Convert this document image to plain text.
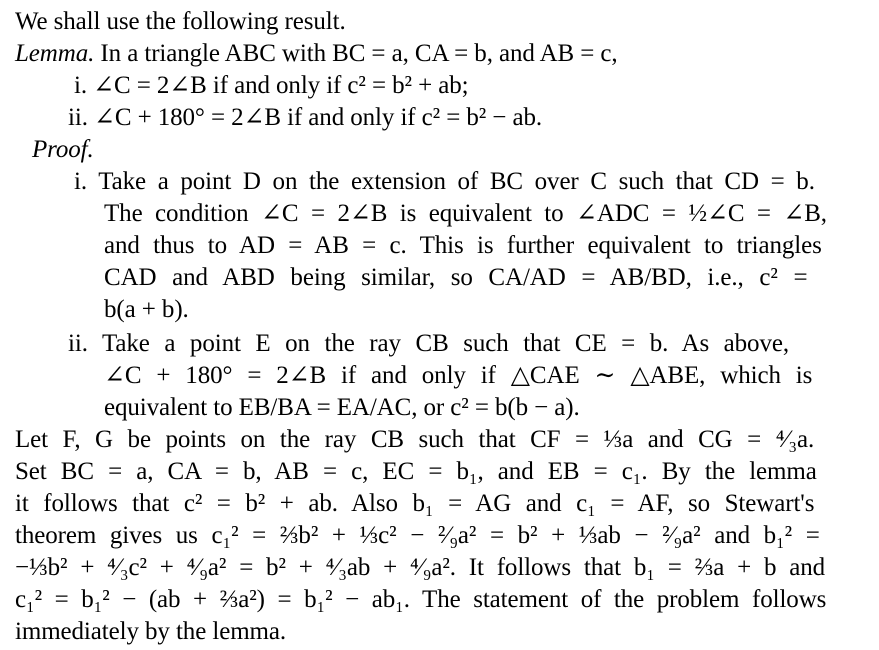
We shall use the following result.
Lemma. In a triangle ABC with BC = a, CA = b, and AB = c,
i. ∠C = 2∠B if and only if c² = b² + ab;
ii. ∠C + 180° = 2∠B if and only if c² = b² − ab.
Proof.
i. Take a point D on the extension of BC over C such that CD = b.
The condition ∠C = 2∠B is equivalent to ∠ADC = ½∠C = ∠B,
and thus to AD = AB = c. This is further equivalent to triangles
CAD and ABD being similar, so CA/AD = AB/BD, i.e., c² =
b(a + b).
ii. Take a point E on the ray CB such that CE = b. As above,
∠C + 180° = 2∠B if and only if △CAE ∼ △ABE, which is
equivalent to EB/BA = EA/AC, or c² = b(b − a).
Let F, G be points on the ray CB such that CF = ⅓a and CG = ⁴⁄₃a.
Set BC = a, CA = b, AB = c, EC = b₁, and EB = c₁. By the lemma
it follows that c² = b² + ab. Also b₁ = AG and c₁ = AF, so Stewart's
theorem gives us c₁² = ⅔b² + ⅓c² − ²⁄₉a² = b² + ⅓ab − ²⁄₉a² and b₁² =
−⅓b² + ⁴⁄₃c² + ⁴⁄₉a² = b² + ⁴⁄₃ab + ⁴⁄₉a². It follows that b₁ = ⅔a + b and
c₁² = b₁² − (ab + ⅔a²) = b₁² − ab₁. The statement of the problem follows
immediately by the lemma.
